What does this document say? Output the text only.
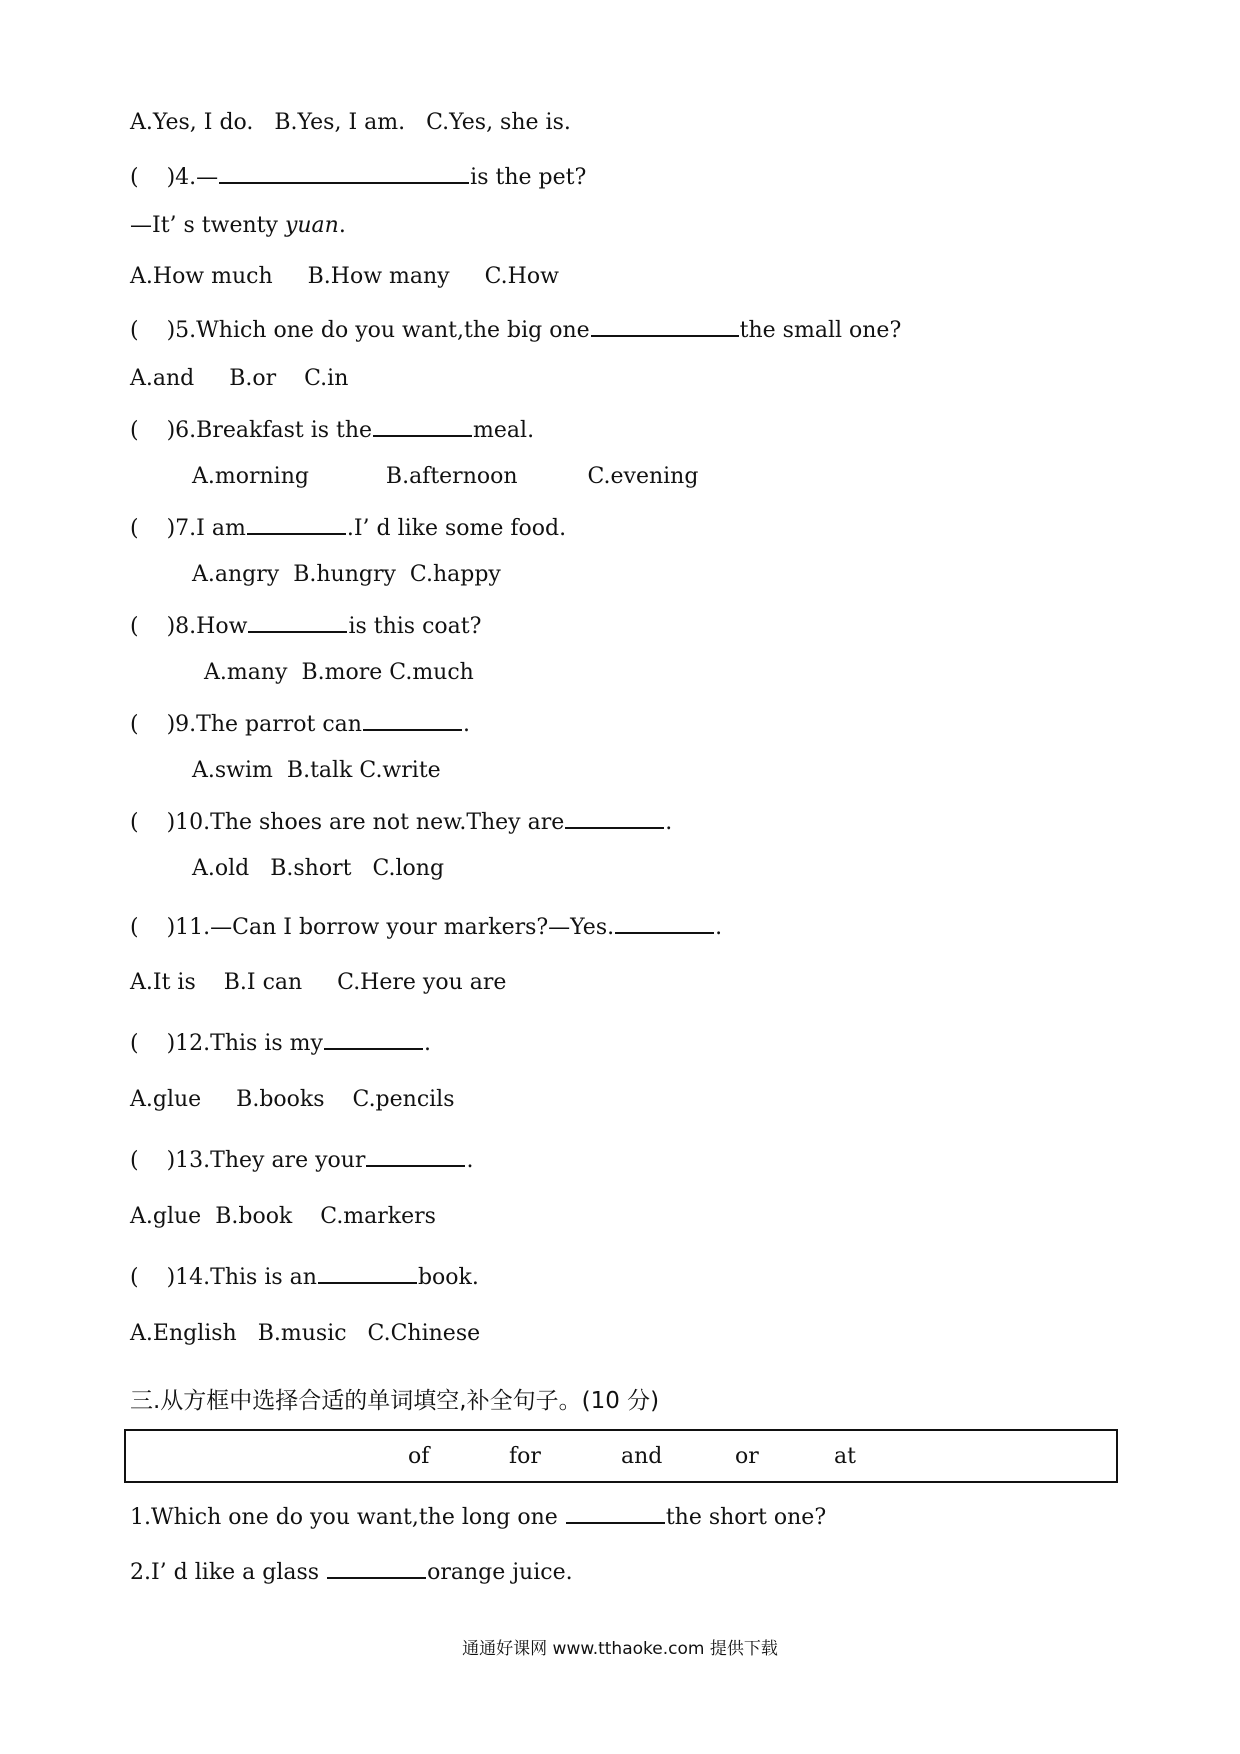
A.Yes, I do. B.Yes, I am. C.Yes, she is.
( )4.—	is the pet?
—It’ s twenty yuan.
A.How much B.How many C.How
( )5.Which one do you want,the big one	the small one?
A.and B.or C.in
( )6.Breakfast is the	meal.
A.morning	B.afternoon	C.evening
( )7.I am	.I’ d like some food.
A.angry B.hungry C.happy
( )8.How	is this coat?
A.many B.more C.much
( )9.The parrot can	.
A.swim B.talk C.write
( )10.The shoes are not new.They are	.
A.old B.short C.long
( )11.—Can I borrow your markers?—Yes.	.
A.It is B.I can C.Here you are
( )12.This is my	.
A.glue B.books C.pencils
( )13.They are your	.
A.glue B.book C.markers
( )14.This is an	book.
A.English B.music C.Chinese
三.从方框中选择合适的单词填空,补全句子。(10 分)
of	for	and	or	at
1.Which one do you want,the long one	the short one?
2.I’ d like a glass	orange juice.
通通好课网 www.tthaoke.com 提供下载
